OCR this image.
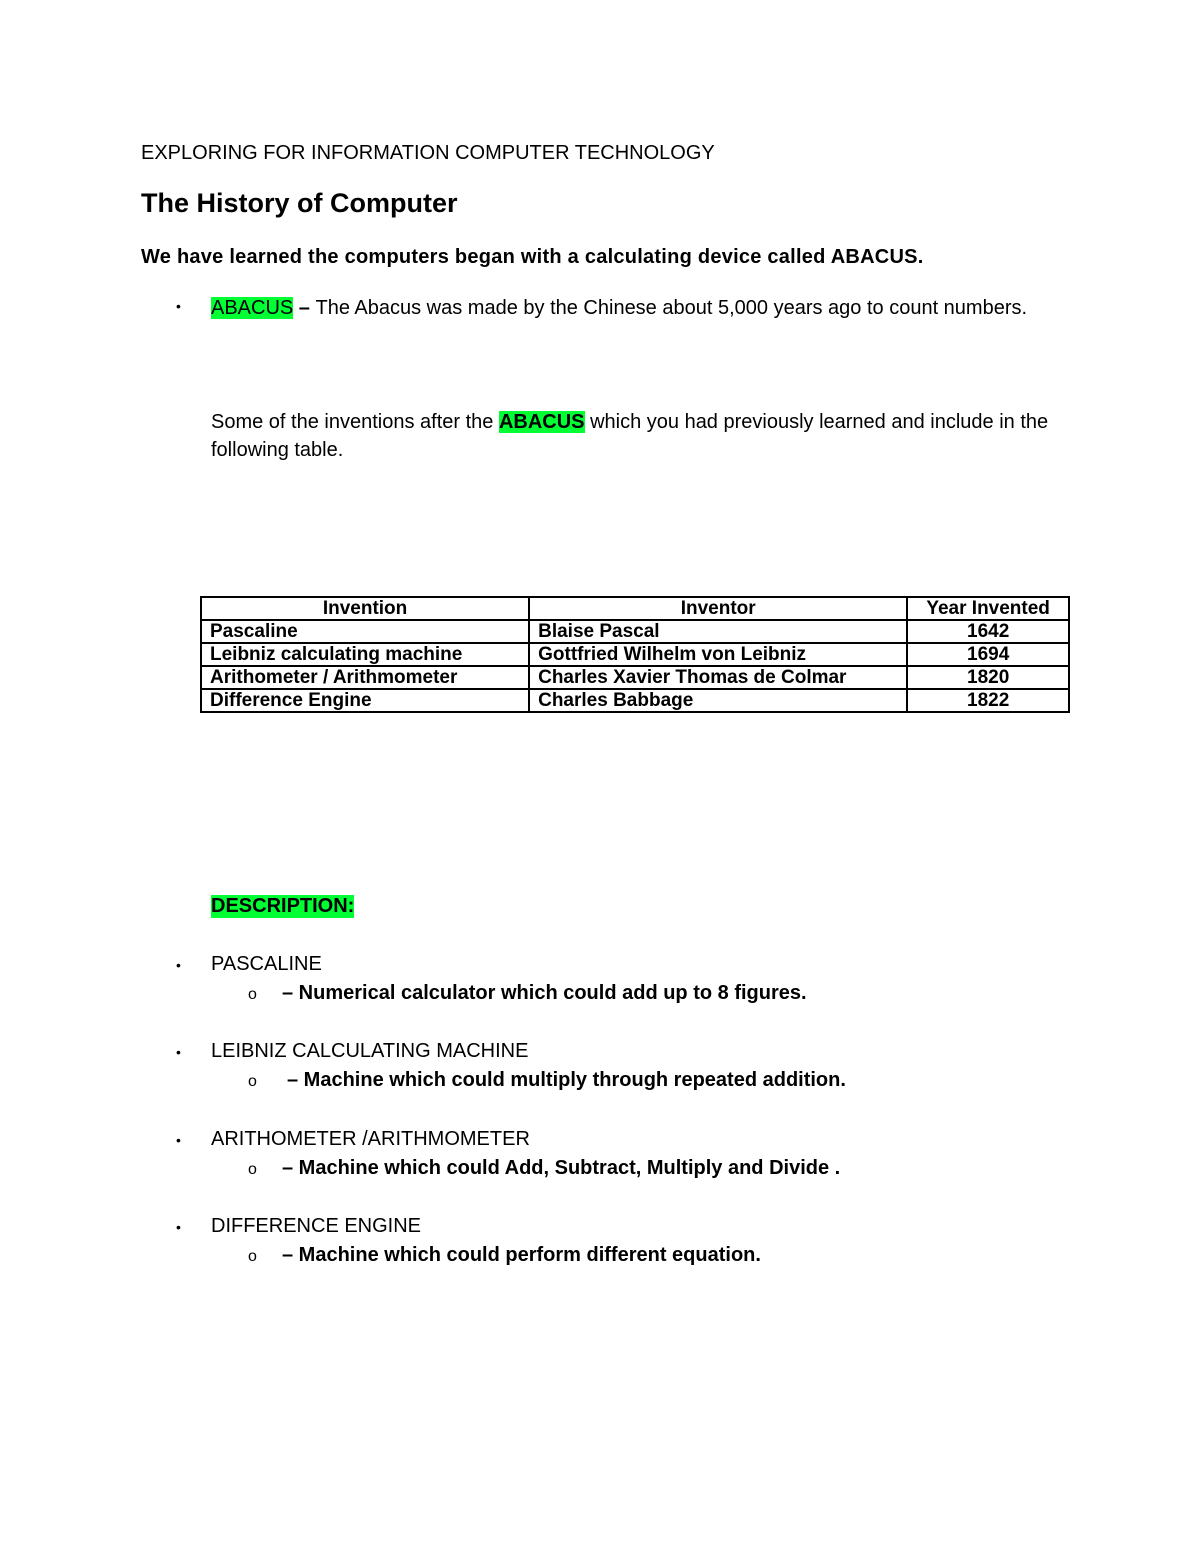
EXPLORING FOR INFORMATION COMPUTER TECHNOLOGY
The History of Computer
We have learned the computers began with a calculating device called ABACUS.
• ABACUS – The Abacus was made by the Chinese about 5,000 years ago to count numbers.
Some of the inventions after the ABACUS which you had previously learned and include in the following table.
Invention	Inventor	Year Invented
Pascaline	Blaise Pascal	1642
Leibniz calculating machine	Gottfried Wilhelm von Leibniz	1694
Arithometer / Arithmometer	Charles Xavier Thomas de Colmar	1820
Difference Engine	Charles Babbage	1822
DESCRIPTION:
• PASCALINE
o – Numerical calculator which could add up to 8 figures.
• LEIBNIZ CALCULATING MACHINE
o – Machine which could multiply through repeated addition.
• ARITHOMETER /ARITHMOMETER
o – Machine which could Add, Subtract, Multiply and Divide .
• DIFFERENCE ENGINE
o – Machine which could perform different equation.
